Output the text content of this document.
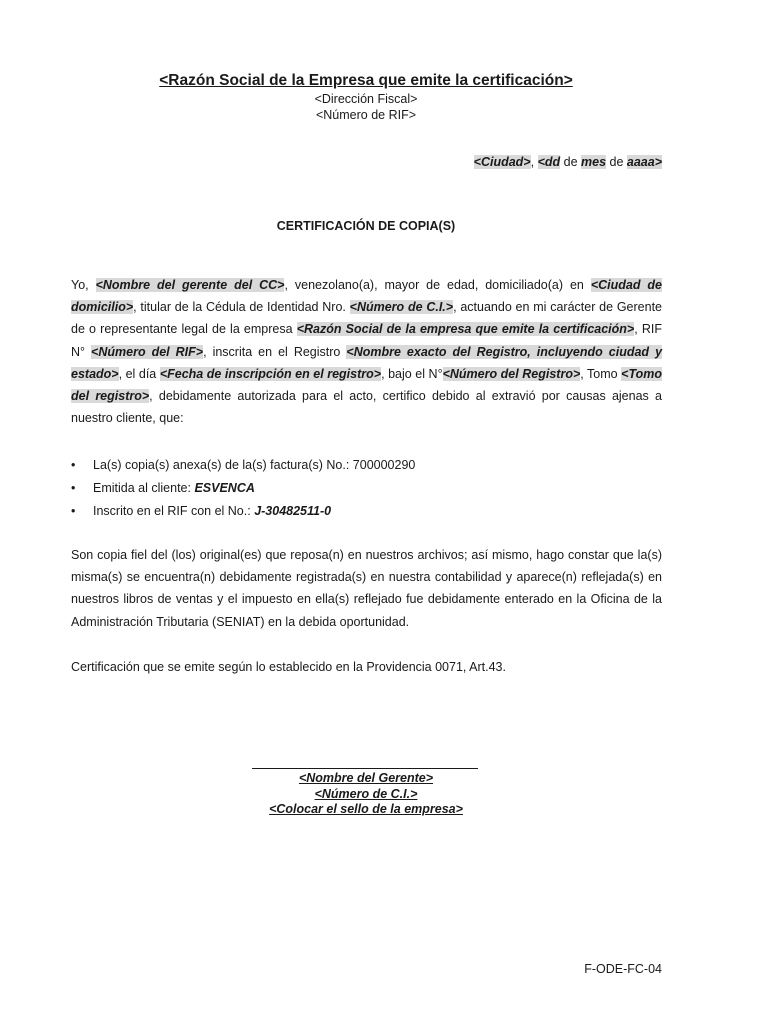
<Razón Social de la Empresa que emite la certificación>
<Dirección Fiscal>
<Número de RIF>
<Ciudad>, <dd de mes de aaaa>
CERTIFICACIÓN DE COPIA(S)

Yo, <Nombre del gerente del CC>, venezolano(a), mayor de edad, domiciliado(a) en <Ciudad de domicilio>, titular de la Cédula de Identidad Nro. <Número de C.I.>, actuando en mi carácter de Gerente de o representante legal de la empresa <Razón Social de la empresa que emite la certificación>, RIF N° <Número del RIF>, inscrita en el Registro <Nombre exacto del Registro, incluyendo ciudad y estado>, el día <Fecha de inscripción en el registro>, bajo el N°<Número del Registro>, Tomo <Tomo del registro>, debidamente autorizada para el acto, certifico debido al extravió por causas ajenas a nuestro cliente, que:

• La(s) copia(s) anexa(s) de la(s) factura(s) No.: 700000290
• Emitida al cliente: ESVENCA
• Inscrito en el RIF con el No.: J-30482511-0

Son copia fiel del (los) original(es) que reposa(n) en nuestros archivos; así mismo, hago constar que la(s) misma(s) se encuentra(n) debidamente registrada(s) en nuestra contabilidad y aparece(n) reflejada(s) en nuestros libros de ventas y el impuesto en ella(s) reflejado fue debidamente enterado en la Oficina de la Administración Tributaria (SENIAT) en la debida oportunidad.

Certificación que se emite según lo establecido en la Providencia 0071, Art.43.

<Nombre del Gerente>
<Número de C.I.>
<Colocar el sello de la empresa>
F-ODE-FC-04
